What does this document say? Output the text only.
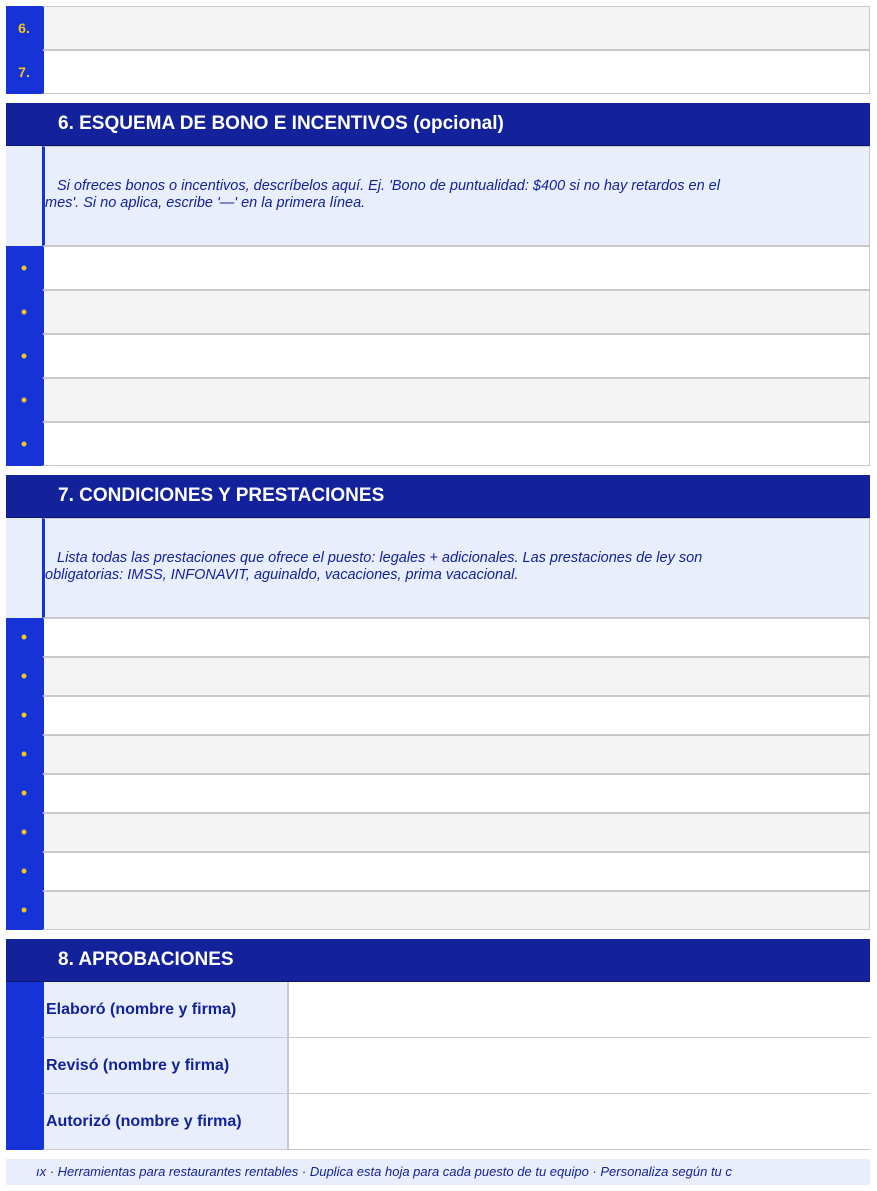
6.
7.
6. ESQUEMA DE BONO E INCENTIVOS (opcional)
Si ofreces bonos o incentivos, descríbelos aquí. Ej. 'Bono de puntualidad: $400 si no hay retardos en el
mes'. Si no aplica, escribe '—' en la primera línea.
•
•
•
•
•
7. CONDICIONES Y PRESTACIONES
Lista todas las prestaciones que ofrece el puesto: legales + adicionales. Las prestaciones de ley son
obligatorias: IMSS, INFONAVIT, aguinaldo, vacaciones, prima vacacional.
•
•
•
•
•
•
•
•
8. APROBACIONES
Elaboró (nombre y firma)
Revisó (nombre y firma)
Autorizó (nombre y firma)
ıx · Herramientas para restaurantes rentables · Duplica esta hoja para cada puesto de tu equipo · Personaliza según tu c
